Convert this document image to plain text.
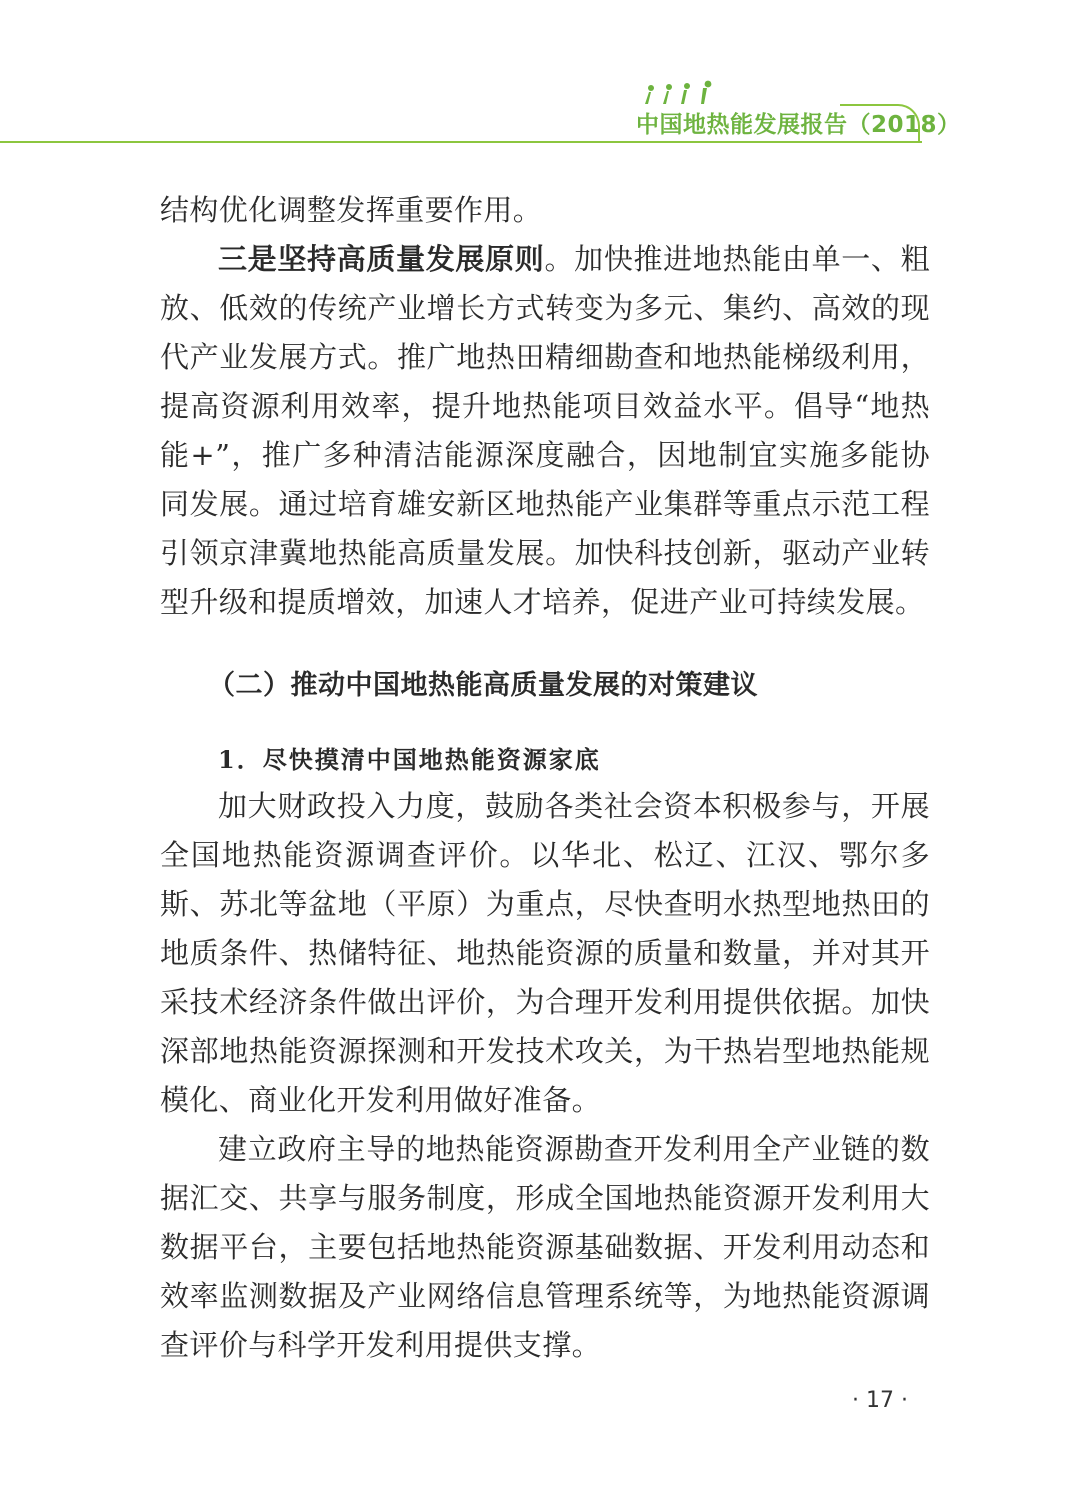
中国地热能发展报告（2018）

结构优化调整发挥重要作用。

三是坚持高质量发展原则。加快推进地热能由单一、粗放、低效的传统产业增长方式转变为多元、集约、高效的现代产业发展方式。推广地热田精细勘查和地热能梯级利用，提高资源利用效率，提升地热能项目效益水平。倡导“地热能+”，推广多种清洁能源深度融合，因地制宜实施多能协同发展。通过培育雄安新区地热能产业集群等重点示范工程引领京津冀地热能高质量发展。加快科技创新，驱动产业转型升级和提质增效，加速人才培养，促进产业可持续发展。

（二）推动中国地热能高质量发展的对策建议
1．尽快摸清中国地热能资源家底

加大财政投入力度，鼓励各类社会资本积极参与，开展全国地热能资源调查评价。以华北、松辽、江汉、鄂尔多斯、苏北等盆地（平原）为重点，尽快查明水热型地热田的地质条件、热储特征、地热能资源的质量和数量，并对其开采技术经济条件做出评价，为合理开发利用提供依据。加快深部地热能资源探测和开发技术攻关，为干热岩型地热能规模化、商业化开发利用做好准备。

建立政府主导的地热能资源勘查开发利用全产业链的数据汇交、共享与服务制度，形成全国地热能资源开发利用大数据平台，主要包括地热能资源基础数据、开发利用动态和效率监测数据及产业网络信息管理系统等，为地热能资源调查评价与科学开发利用提供支撑。

· 17 ·
